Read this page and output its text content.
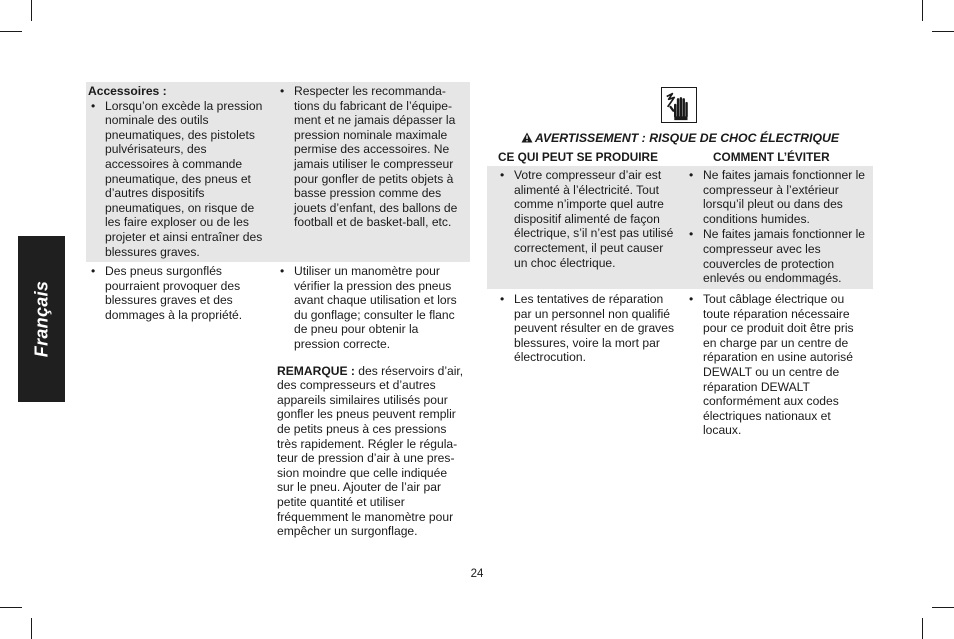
Français

Accessoires :

• Lorsqu’on excède la pression nominale des outils pneumatiques, des pistolets pulvérisateurs, des accessoires à commande pneumatique, des pneus et d’autres dispositifs pneumatiques, on risque de les faire exploser ou de les projeter et ainsi entraîner des blessures graves.
• Respecter les recommanda-tions du fabricant de l’équipe-ment et ne jamais dépasser la pression nominale maximale permise des accessoires. Ne jamais utiliser le compresseur pour gonfler de petits objets à basse pression comme des jouets d’enfant, des ballons de football et de basket-ball, etc.
• Des pneus surgonflés pourraient provoquer des blessures graves et des dommages à la propriété.
• Utiliser un manomètre pour vérifier la pression des pneus avant chaque utilisation et lors du gonflage; consulter le flanc de pneu pour obtenir la pression correcte.

REMARQUE : des réservoirs d’air, des compresseurs et d’autres appareils similaires utilisés pour gonfler les pneus peuvent remplir de petits pneus à ces pressions très rapidement. Régler le régula-teur de pression d’air à une pres-sion moindre que celle indiquée sur le pneu. Ajouter de l’air par petite quantité et utiliser fréquemment le manomètre pour empêcher un surgonflage.

AVERTISSEMENT : RISQUE DE CHOC ÉLECTRIQUE
CE QUI PEUT SE PRODUIRE	COMMENT L’ÉVITER
• Votre compresseur d’air est alimenté à l’électricité. Tout comme n’importe quel autre dispositif alimenté de façon électrique, s’il n’est pas utilisé correctement, il peut causer un choc électrique.
• Ne faites jamais fonctionner le compresseur à l’extérieur lorsqu’il pleut ou dans des conditions humides.
• Ne faites jamais fonctionner le compresseur avec les couvercles de protection enlevés ou endommagés.
• Les tentatives de réparation par un personnel non qualifié peuvent résulter en de graves blessures, voire la mort par électrocution.
• Tout câblage électrique ou toute réparation nécessaire pour ce produit doit être pris en charge par un centre de réparation en usine autorisé DEWALT ou un centre de réparation DEWALT conformément aux codes électriques nationaux et locaux.
24
